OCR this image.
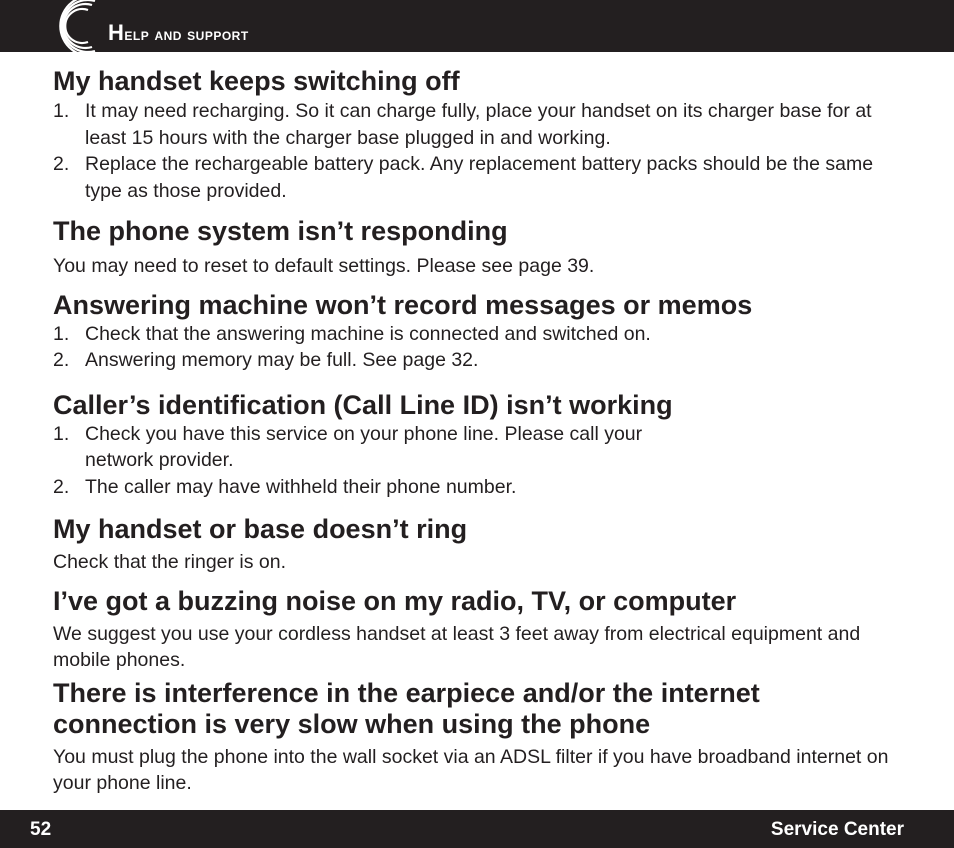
Help and support
My handset keeps switching off
1. It may need recharging. So it can charge fully, place your handset on its charger base for at least 15 hours with the charger base plugged in and working.
2. Replace the rechargeable battery pack. Any replacement battery packs should be the same type as those provided.
The phone system isn’t responding

You may need to reset to default settings. Please see page 39.

Answering machine won’t record messages or memos
1. Check that the answering machine is connected and switched on.
2. Answering memory may be full. See page 32.
Caller’s identification (Call Line ID) isn’t working
1. Check you have this service on your phone line. Please call your
network provider.
2. The caller may have withheld their phone number.
My handset or base doesn’t ring

Check that the ringer is on.

I’ve got a buzzing noise on my radio, TV, or computer

We suggest you use your cordless handset at least 3 feet away from electrical equipment and mobile phones.

There is interference in the earpiece and/or the internet connection is very slow when using the phone

You must plug the phone into the wall socket via an ADSL filter if you have broadband internet on your phone line.

52	Service Center
